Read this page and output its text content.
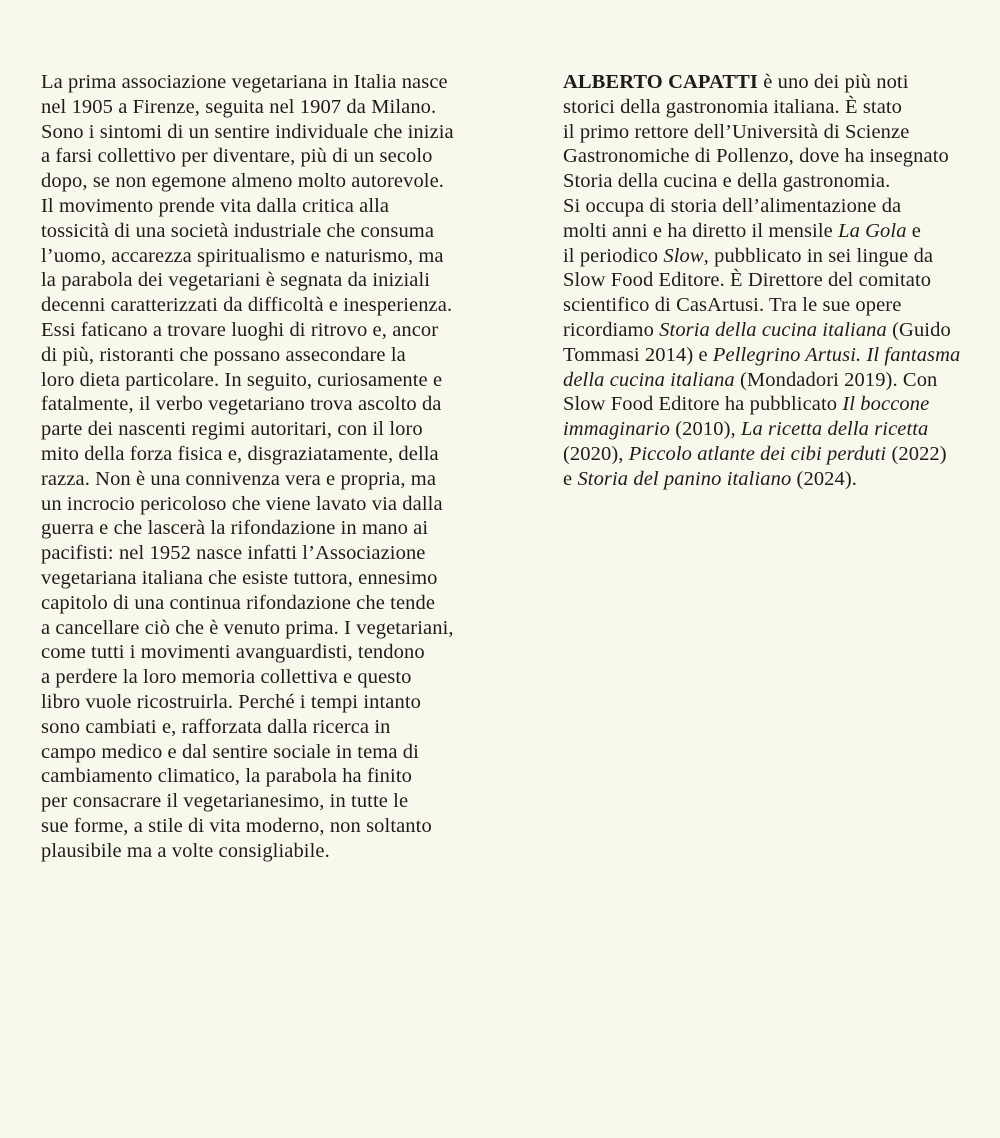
La prima associazione vegetariana in Italia nasce
nel 1905 a Firenze, seguita nel 1907 da Milano.
Sono i sintomi di un sentire individuale che inizia
a farsi collettivo per diventare, più di un secolo
dopo, se non egemone almeno molto autorevole.
Il movimento prende vita dalla critica alla
tossicità di una società industriale che consuma
l’uomo, accarezza spiritualismo e naturismo, ma
la parabola dei vegetariani è segnata da iniziali
decenni caratterizzati da difficoltà e inesperienza.
Essi faticano a trovare luoghi di ritrovo e, ancor
di più, ristoranti che possano assecondare la
loro dieta particolare. In seguito, curiosamente e
fatalmente, il verbo vegetariano trova ascolto da
parte dei nascenti regimi autoritari, con il loro
mito della forza fisica e, disgraziatamente, della
razza. Non è una connivenza vera e propria, ma
un incrocio pericoloso che viene lavato via dalla
guerra e che lascerà la rifondazione in mano ai
pacifisti: nel 1952 nasce infatti l’Associazione
vegetariana italiana che esiste tuttora, ennesimo
capitolo di una continua rifondazione che tende
a cancellare ciò che è venuto prima. I vegetariani,
come tutti i movimenti avanguardisti, tendono
a perdere la loro memoria collettiva e questo
libro vuole ricostruirla. Perché i tempi intanto
sono cambiati e, rafforzata dalla ricerca in
campo medico e dal sentire sociale in tema di
cambiamento climatico, la parabola ha finito
per consacrare il vegetarianesimo, in tutte le
sue forme, a stile di vita moderno, non soltanto
plausibile ma a volte consigliabile.
ALBERTO CAPATTI è uno dei più noti
storici della gastronomia italiana. È stato
il primo rettore dell’Università di Scienze
Gastronomiche di Pollenzo, dove ha insegnato
Storia della cucina e della gastronomia.
Si occupa di storia dell’alimentazione da
molti anni e ha diretto il mensile La Gola e
il periodico Slow, pubblicato in sei lingue da
Slow Food Editore. È Direttore del comitato
scientifico di CasArtusi. Tra le sue opere
ricordiamo Storia della cucina italiana (Guido
Tommasi 2014) e Pellegrino Artusi. Il fantasma
della cucina italiana (Mondadori 2019). Con
Slow Food Editore ha pubblicato Il boccone
immaginario (2010), La ricetta della ricetta
(2020), Piccolo atlante dei cibi perduti (2022)
e Storia del panino italiano (2024).
